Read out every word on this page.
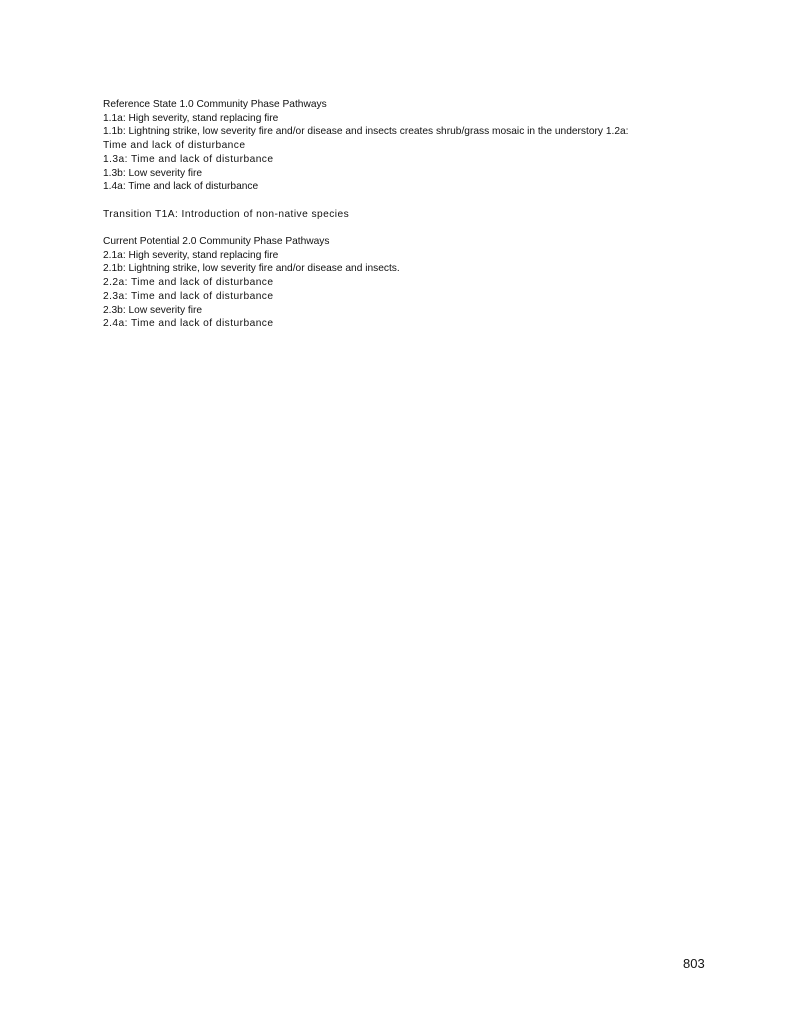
Reference State 1.0 Community Phase Pathways
1.1a: High severity, stand replacing fire
1.1b: Lightning strike, low severity fire and/or disease and insects creates shrub/grass mosaic in the understory 1.2a:
Time and lack of disturbance
1.3a: Time and lack of disturbance
1.3b: Low severity fire
1.4a: Time and lack of disturbance
Transition T1A: Introduction of non-native species
Current Potential 2.0 Community Phase Pathways
2.1a: High severity, stand replacing fire
2.1b: Lightning strike, low severity fire and/or disease and insects.
2.2a: Time and lack of disturbance
2.3a: Time and lack of disturbance
2.3b: Low severity fire
2.4a: Time and lack of disturbance
803
